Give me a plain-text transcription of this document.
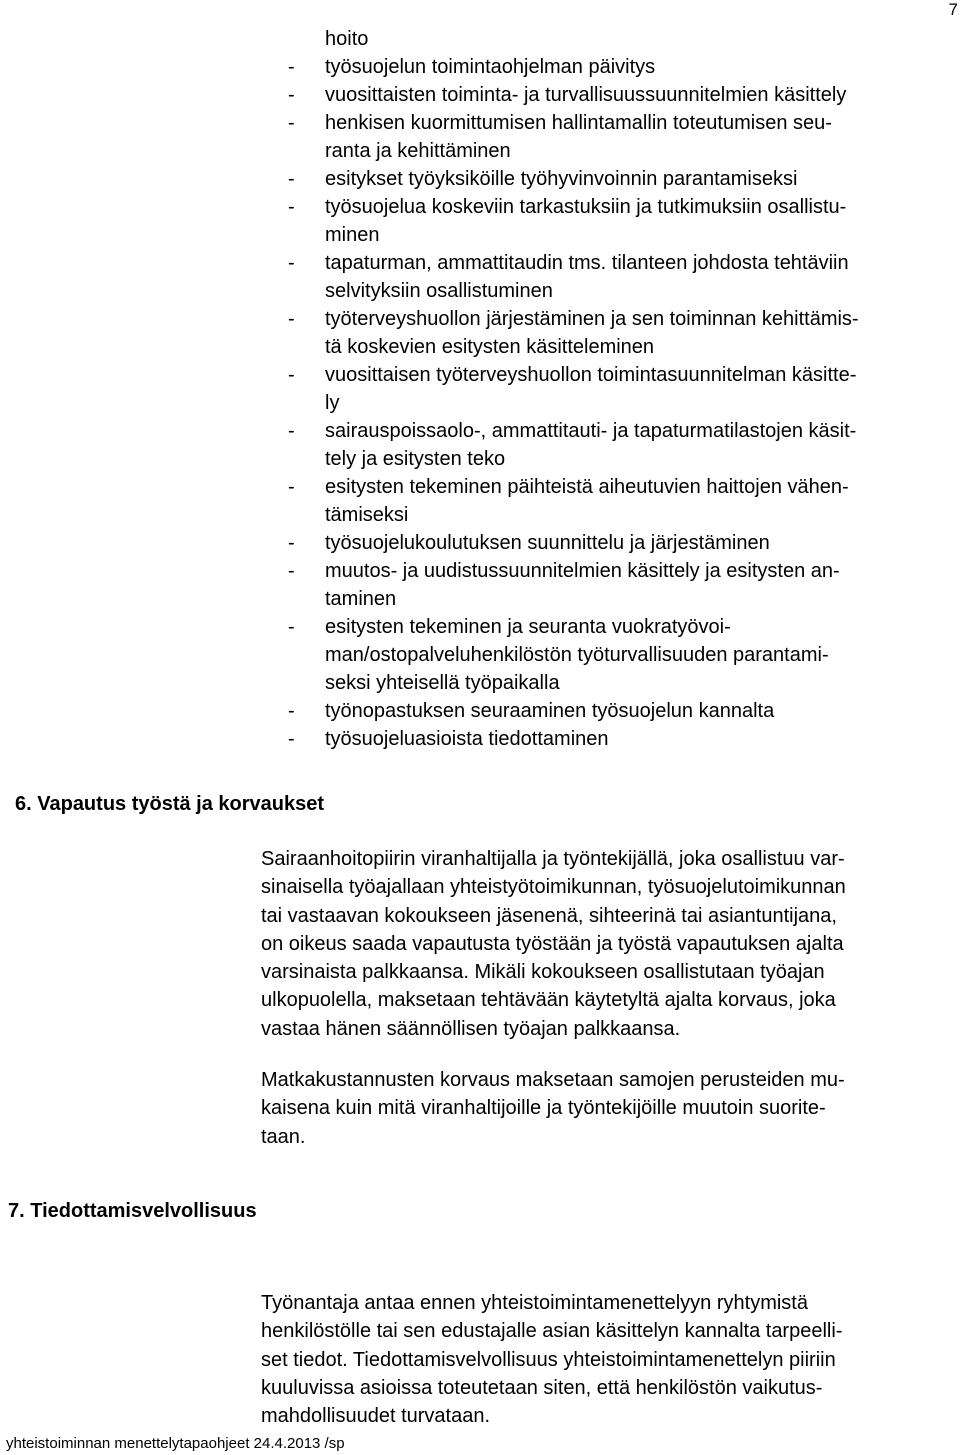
7
hoito
-	työsuojelun toimintaohjelman päivitys
-	vuosittaisten toiminta- ja turvallisuussuunnitelmien käsittely
-	henkisen kuormittumisen hallintamallin toteutumisen seu-
ranta ja kehittäminen
-	esitykset työyksiköille työhyvinvoinnin parantamiseksi
-	työsuojelua koskeviin tarkastuksiin ja tutkimuksiin osallistu-
minen
-	tapaturman, ammattitaudin tms. tilanteen johdosta tehtäviin
selvityksiin osallistuminen
-	työterveyshuollon järjestäminen ja sen toiminnan kehittämis-
tä koskevien esitysten käsitteleminen
-	vuosittaisen työterveyshuollon toimintasuunnitelman käsitte-
ly
-	sairauspoissaolo-, ammattitauti- ja tapaturmatilastojen käsit-
tely ja esitysten teko
-	esitysten tekeminen päihteistä aiheutuvien haittojen vähen-
tämiseksi
-	työsuojelukoulutuksen suunnittelu ja järjestäminen
-	muutos- ja uudistussuunnitelmien käsittely ja esitysten an-
taminen
-	esitysten tekeminen ja seuranta vuokratyövoi-
man/ostopalveluhenkilöstön työturvallisuuden parantami-
seksi yhteisellä työpaikalla
-	työnopastuksen seuraaminen työsuojelun kannalta
-	työsuojeluasioista tiedottaminen
6. Vapautus työstä ja korvaukset
Sairaanhoitopiirin viranhaltijalla ja työntekijällä, joka osallistuu var-
sinaisella työajallaan yhteistyötoimikunnan, työsuojelutoimikunnan
tai vastaavan kokoukseen jäsenenä, sihteerinä tai asiantuntijana,
on oikeus saada vapautusta työstään ja työstä vapautuksen ajalta
varsinaista palkkaansa. Mikäli kokoukseen osallistutaan työajan
ulkopuolella, maksetaan tehtävään käytetyltä ajalta korvaus, joka
vastaa hänen säännöllisen työajan palkkaansa.
Matkakustannusten korvaus maksetaan samojen perusteiden mu-
kaisena kuin mitä viranhaltijoille ja työntekijöille muutoin suorite-
taan.
7. Tiedottamisvelvollisuus
Työnantaja antaa ennen yhteistoimintamenettelyyn ryhtymistä
henkilöstölle tai sen edustajalle asian käsittelyn kannalta tarpeelli-
set tiedot. Tiedottamisvelvollisuus yhteistoimintamenettelyn piiriin
kuuluvissa asioissa toteutetaan siten, että henkilöstön vaikutus-
mahdollisuudet turvataan.
yhteistoiminnan menettelytapaohjeet 24.4.2013 /sp
